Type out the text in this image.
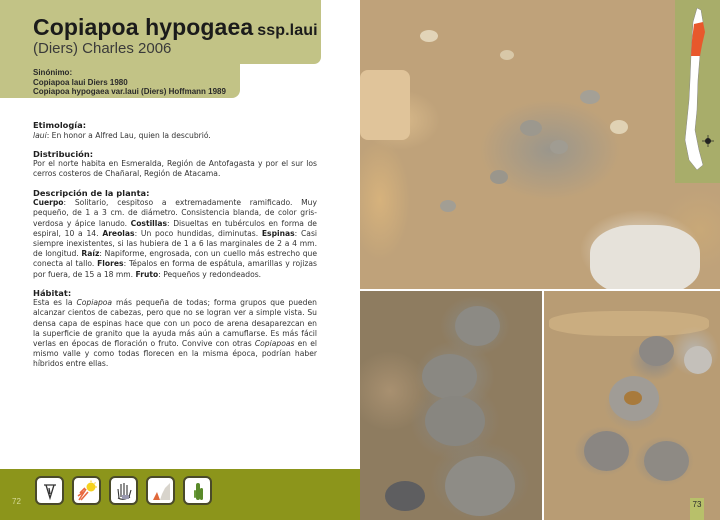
Copiapoa hypogaea ssp.laui
(Diers) Charles 2006
Sinónimo:
Copiapoa laui Diers 1980
Copiapoa hypogaea var.laui (Diers) Hoffmann 1989
Etimología:

laui: En honor a Alfred Lau, quien la descubrió.

Distribución:

Por el norte habita en Esmeralda, Región de Antofagasta y por el sur los cerros costeros de Chañaral, Región de Atacama.

Descripción de la planta:

Cuerpo: Solitario, cespitoso a extremadamente ramificado. Muy pequeño, de 1 a 3 cm. de diámetro. Consistencia blanda, de color gris-verdosa y ápice lanudo. Costillas: Disueltas en tubérculos en forma de espiral, 10 a 14. Areolas: Un poco hundidas, diminutas. Espinas: Casi siempre inexistentes, si las hubiera de 1 a 6 las marginales de 2 a 4 mm. de longitud. Raíz: Napiforme, engrosada, con un cuello más estrecho que conecta al tallo. Flores: Tépalos en forma de espátula, amarillas y rojizas por fuera, de 15 a 18 mm. Fruto: Pequeños y redondeados.

Hábitat:

Esta es la Copiapoa más pequeña de todas; forma grupos que pueden alcanzar cientos de cabezas, pero que no se logran ver a simple vista. Su densa capa de espinas hace que con un poco de arena desaparezcan en la superficie de granito que la ayuda más aún a camuflarse. Es más fácil verlas en épocas de floración o fruto. Convive con otras Copiapoas en el mismo valle y como todas florecen en la misma época, podrían haber híbridos entre ellas.

72	73
